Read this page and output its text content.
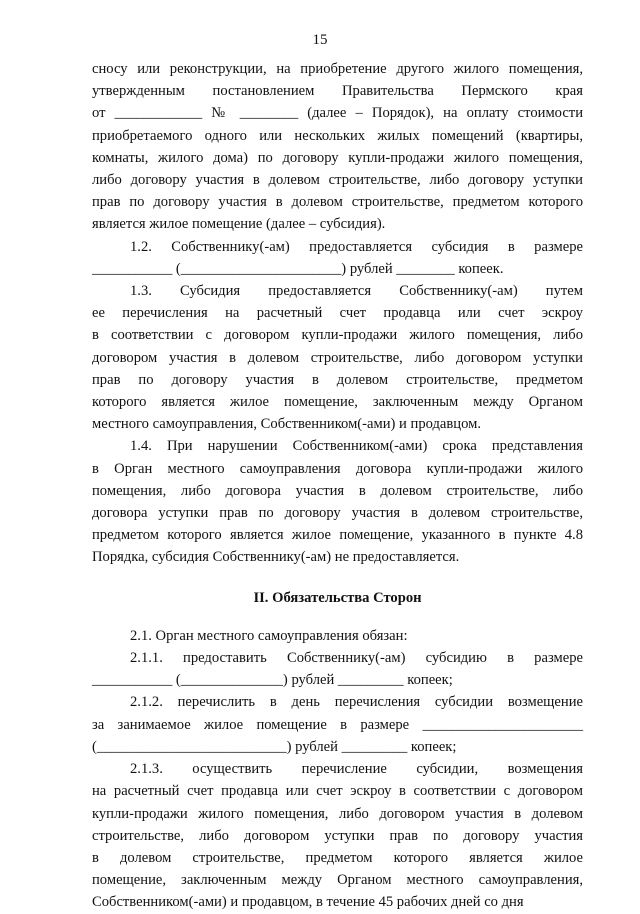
15
сносу или реконструкции, на приобретение другого жилого помещения,
утвержденным постановлением Правительства Пермского края
от ____________ № ________ (далее – Порядок), на оплату стоимости
приобретаемого одного или нескольких жилых помещений (квартиры,
комнаты, жилого дома) по договору купли-продажи жилого помещения,
либо договору участия в долевом строительстве, либо договору уступки
прав по договору участия в долевом строительстве, предметом которого
является жилое помещение (далее – субсидия).
1.2. Собственнику(-ам) предоставляется субсидия в размере
___________ (______________________) рублей ________ копеек.
1.3. Субсидия предоставляется Собственнику(-ам) путем
ее перечисления на расчетный счет продавца или счет эскроу
в соответствии с договором купли-продажи жилого помещения, либо
договором участия в долевом строительстве, либо договором уступки
прав по договору участия в долевом строительстве, предметом
которого является жилое помещение, заключенным между Органом
местного самоуправления, Собственником(-ами) и продавцом.
1.4. При нарушении Собственником(-ами) срока представления
в Орган местного самоуправления договора купли-продажи жилого
помещения, либо договора участия в долевом строительстве, либо
договора уступки прав по договору участия в долевом строительстве,
предметом которого является жилое помещение, указанного в пункте 4.8
Порядка, субсидия Собственнику(-ам) не предоставляется.
II. Обязательства Сторон
2.1. Орган местного самоуправления обязан:
2.1.1. предоставить Собственнику(-ам) субсидию в размере
___________ (______________) рублей _________ копеек;
2.1.2. перечислить в день перечисления субсидии возмещение
за занимаемое жилое помещение в размере ______________________
(__________________________) рублей _________ копеек;
2.1.3. осуществить перечисление субсидии, возмещения
на расчетный счет продавца или счет эскроу в соответствии с договором
купли-продажи жилого помещения, либо договором участия в долевом
строительстве, либо договором уступки прав по договору участия
в долевом строительстве, предметом которого является жилое
помещение, заключенным между Органом местного самоуправления,
Собственником(-ами) и продавцом, в течение 45 рабочих дней со дня
